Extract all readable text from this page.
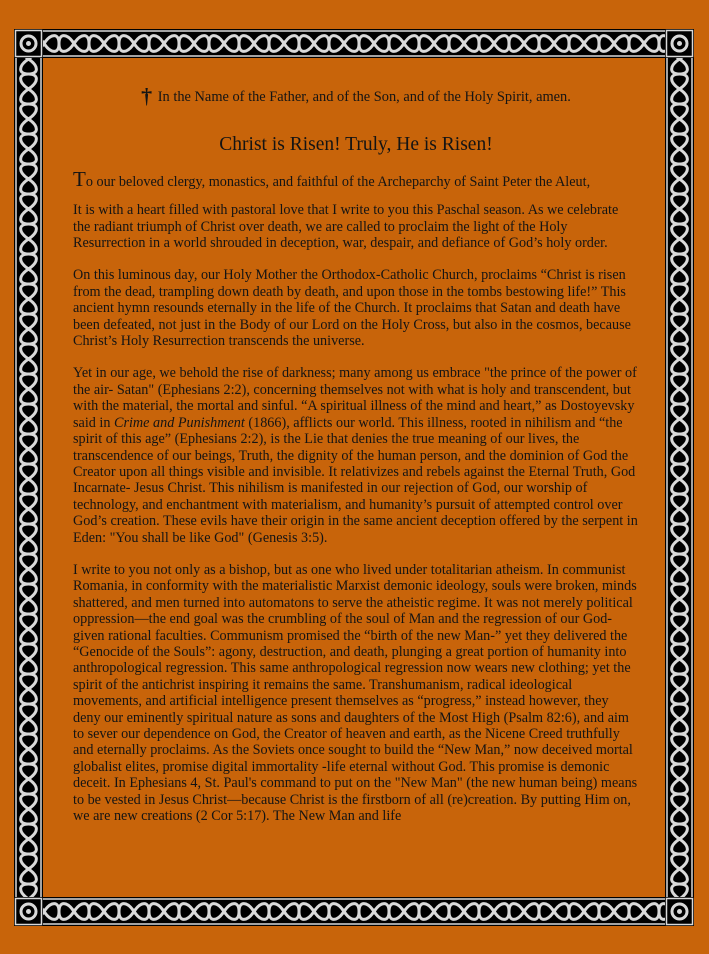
† In the Name of the Father, and of the Son, and of the Holy Spirit, amen.

Christ is Risen! Truly, He is Risen!

To our beloved clergy, monastics, and faithful of the Archeparchy of Saint Peter the Aleut,

It is with a heart filled with pastoral love that I write to you this Paschal season. As we celebrate the radiant triumph of Christ over death, we are called to proclaim the light of the Holy Resurrection in a world shrouded in deception, war, despair, and defiance of God’s holy order.

On this luminous day, our Holy Mother the Orthodox-Catholic Church, proclaims “Christ is risen from the dead, trampling down death by death, and upon those in the tombs bestowing life!” This ancient hymn resounds eternally in the life of the Church. It proclaims that Satan and death have been defeated, not just in the Body of our Lord on the Holy Cross, but also in the cosmos, because Christ’s Holy Resurrection transcends the universe.

Yet in our age, we behold the rise of darkness; many among us embrace "the prince of the power of the air- Satan" (Ephesians 2:2), concerning themselves not with what is holy and transcendent, but with the material, the mortal and sinful. “A spiritual illness of the mind and heart,” as Dostoyevsky said in Crime and Punishment (1866), afflicts our world. This illness, rooted in nihilism and “the spirit of this age” (Ephesians 2:2), is the Lie that denies the true meaning of our lives, the transcendence of our beings, Truth, the dignity of the human person, and the dominion of God the Creator upon all things visible and invisible. It relativizes and rebels against the Eternal Truth, God Incarnate- Jesus Christ. This nihilism is manifested in our rejection of God, our worship of technology, and enchantment with materialism, and humanity’s pursuit of attempted control over God’s creation. These evils have their origin in the same ancient deception offered by the serpent in Eden: "You shall be like God" (Genesis 3:5).

I write to you not only as a bishop, but as one who lived under totalitarian atheism. In communist Romania, in conformity with the materialistic Marxist demonic ideology, souls were broken, minds shattered, and men turned into automatons to serve the atheistic regime. It was not merely political oppression—the end goal was the crumbling of the soul of Man and the regression of our God-given rational faculties. Communism promised the “birth of the new Man-” yet they delivered the “Genocide of the Souls”: agony, destruction, and death, plunging a great portion of humanity into anthropological regression. This same anthropological regression now wears new clothing; yet the spirit of the antichrist inspiring it remains the same. Transhumanism, radical ideological movements, and artificial intelligence present themselves as “progress,” instead however, they deny our eminently spiritual nature as sons and daughters of the Most High (Psalm 82:6), and aim to sever our dependence on God, the Creator of heaven and earth, as the Nicene Creed truthfully and eternally proclaims. As the Soviets once sought to build the “New Man,” now deceived mortal globalist elites, promise digital immortality -life eternal without God. This promise is demonic deceit. In Ephesians 4, St. Paul's command to put on the "New Man" (the new human being) means to be vested in Jesus Christ—because Christ is the firstborn of all (re)creation. By putting Him on, we are new creations (2 Cor 5:17). The New Man and life
